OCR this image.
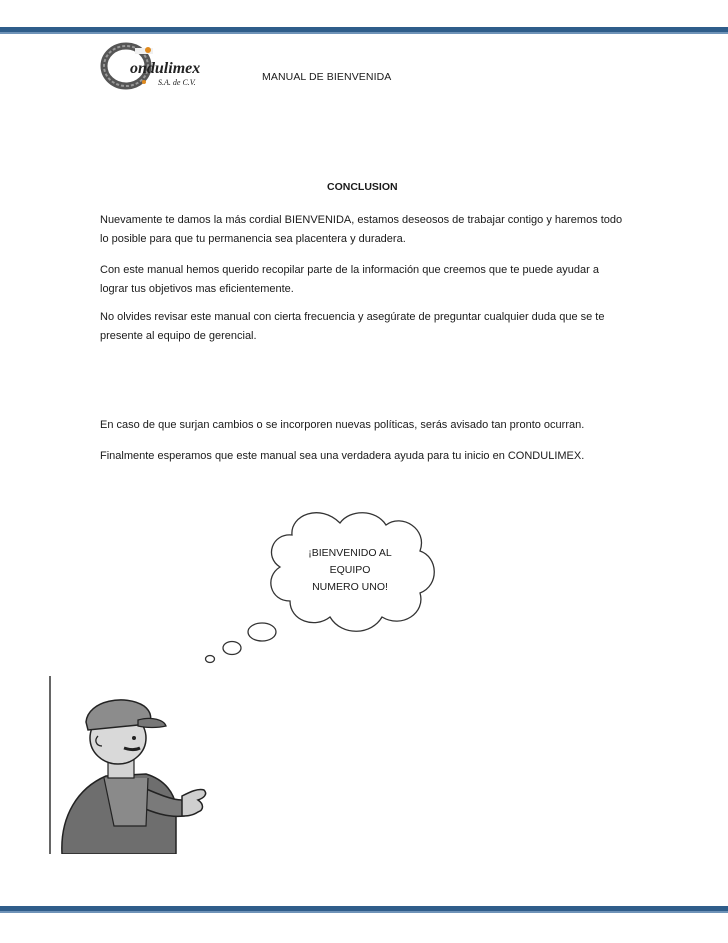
ondulimex
S.A. de C.V.	MANUAL DE BIENVENIDA
CONCLUSION

Nuevamente te damos la más cordial BIENVENIDA, estamos deseosos de trabajar contigo y haremos todo lo posible para que tu permanencia sea placentera y duradera.

Con este manual hemos querido recopilar parte de la información que creemos que te puede ayudar a lograr tus objetivos mas eficientemente.

No olvides revisar este manual con cierta frecuencia y asegúrate de preguntar cualquier duda que se te presente al equipo de gerencial.

En caso de que surjan cambios o se incorporen nuevas políticas, serás avisado tan pronto ocurran.

Finalmente esperamos que este manual sea una verdadera ayuda para tu inicio en CONDULIMEX.

¡BIENVENIDO AL
EQUIPO
NUMERO UNO!
